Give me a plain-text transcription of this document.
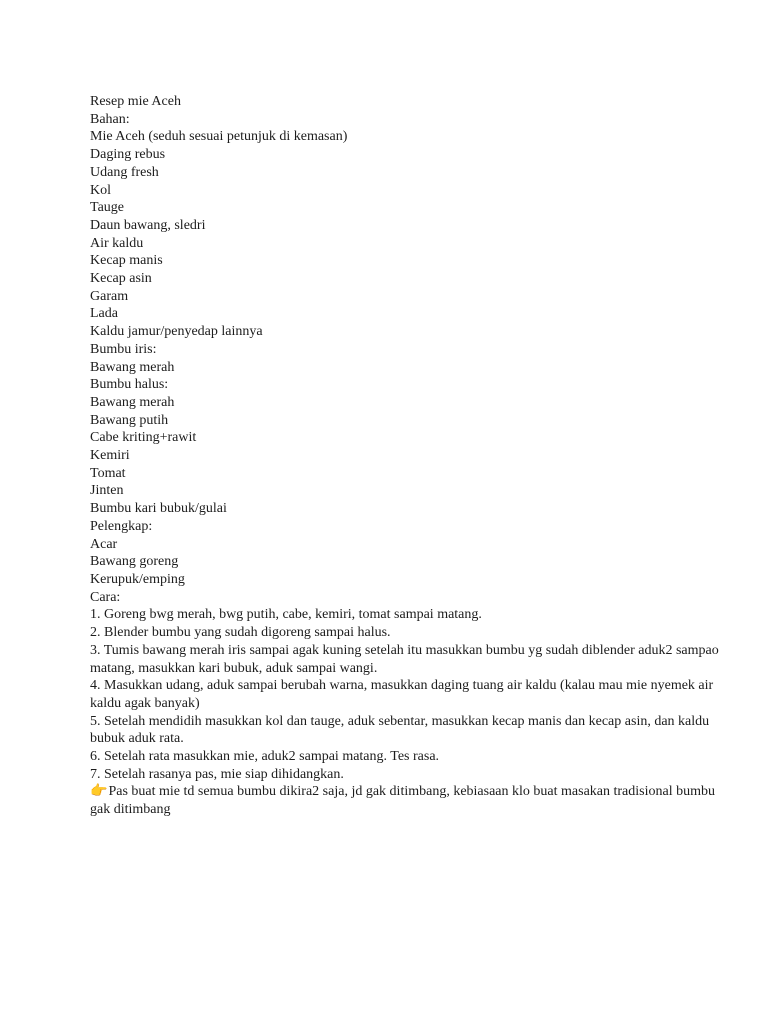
Resep mie Aceh
Bahan:
Mie Aceh (seduh sesuai petunjuk di kemasan)
Daging rebus
Udang fresh
Kol
Tauge
Daun bawang, sledri
Air kaldu
Kecap manis
Kecap asin
Garam
Lada
Kaldu jamur/penyedap lainnya
Bumbu iris:
Bawang merah
Bumbu halus:
Bawang merah
Bawang putih
Cabe kriting+rawit
Kemiri
Tomat
Jinten
Bumbu kari bubuk/gulai
Pelengkap:
Acar
Bawang goreng
Kerupuk/emping
Cara:
1. Goreng bwg merah, bwg putih, cabe, kemiri, tomat sampai matang.
2. Blender bumbu yang sudah digoreng sampai halus.
3. Tumis bawang merah iris sampai agak kuning setelah itu masukkan bumbu yg sudah diblender aduk2 sampao matang, masukkan kari bubuk, aduk sampai wangi.
4. Masukkan udang, aduk sampai berubah warna, masukkan daging tuang air kaldu (kalau mau mie nyemek air kaldu agak banyak)
5. Setelah mendidih masukkan kol dan tauge, aduk sebentar, masukkan kecap manis dan kecap asin, dan kaldu bubuk aduk rata.
6. Setelah rata masukkan mie, aduk2 sampai matang. Tes rasa.
7. Setelah rasanya pas, mie siap dihidangkan.
👉Pas buat mie td semua bumbu dikira2 saja, jd gak ditimbang, kebiasaan klo buat masakan tradisional bumbu gak ditimbang
